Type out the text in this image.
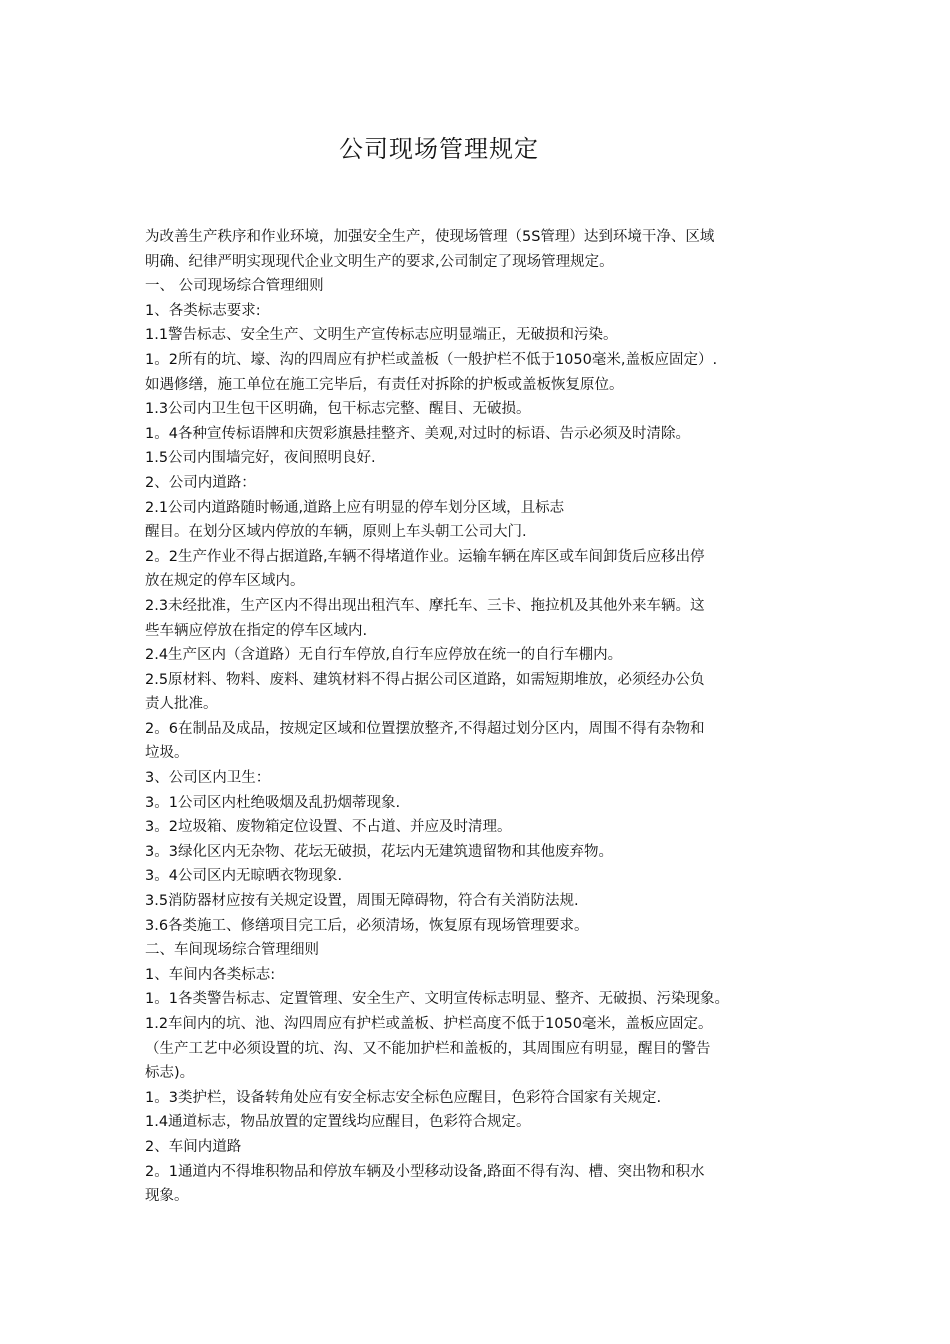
公司现场管理规定
为改善生产秩序和作业环境，加强安全生产，使现场管理（5S管理）达到环境干净、区域
明确、纪律严明实现现代企业文明生产的要求,公司制定了现场管理规定。
一、 公司现场综合管理细则
1、各类标志要求:
1.1警告标志、安全生产、文明生产宣传标志应明显端正，无破损和污染。
1。2所有的坑、壕、沟的四周应有护栏或盖板（一般护栏不低于1050毫米,盖板应固定）.
如遇修缮，施工单位在施工完毕后，有责任对拆除的护板或盖板恢复原位。
1.3公司内卫生包干区明确，包干标志完整、醒目、无破损。
1。4各种宣传标语牌和庆贺彩旗悬挂整齐、美观,对过时的标语、告示必须及时清除。
1.5公司内围墙完好，夜间照明良好.
2、公司内道路：
2.1公司内道路随时畅通,道路上应有明显的停车划分区域，且标志
醒目。在划分区域内停放的车辆，原则上车头朝工公司大门.
2。2生产作业不得占据道路,车辆不得堵道作业。运输车辆在库区或车间卸货后应移出停
放在规定的停车区域内。
2.3未经批准，生产区内不得出现出租汽车、摩托车、三卡、拖拉机及其他外来车辆。这
些车辆应停放在指定的停车区域内.
2.4生产区内（含道路）无自行车停放,自行车应停放在统一的自行车棚内。
2.5原材料、物料、废料、建筑材料不得占据公司区道路，如需短期堆放，必须经办公负
责人批准。
2。6在制品及成品，按规定区域和位置摆放整齐,不得超过划分区内，周围不得有杂物和
垃圾。
3、公司区内卫生：
3。1公司区内杜绝吸烟及乱扔烟蒂现象.
3。2垃圾箱、废物箱定位设置、不占道、并应及时清理。
3。3绿化区内无杂物、花坛无破损，花坛内无建筑遗留物和其他废弃物。
3。4公司区内无晾晒衣物现象.
3.5消防器材应按有关规定设置，周围无障碍物，符合有关消防法规.
3.6各类施工、修缮项目完工后，必须清场，恢复原有现场管理要求。
二、车间现场综合管理细则
1、车间内各类标志:
1。1各类警告标志、定置管理、安全生产、文明宣传标志明显、整齐、无破损、污染现象。
1.2车间内的坑、池、沟四周应有护栏或盖板、护栏高度不低于1050毫米，盖板应固定。
（生产工艺中必须设置的坑、沟、又不能加护栏和盖板的，其周围应有明显，醒目的警告
标志)。
1。3类护栏，设备转角处应有安全标志安全标色应醒目，色彩符合国家有关规定.
1.4通道标志，物品放置的定置线均应醒目，色彩符合规定。
2、车间内道路
2。1通道内不得堆积物品和停放车辆及小型移动设备,路面不得有沟、槽、突出物和积水
现象。
